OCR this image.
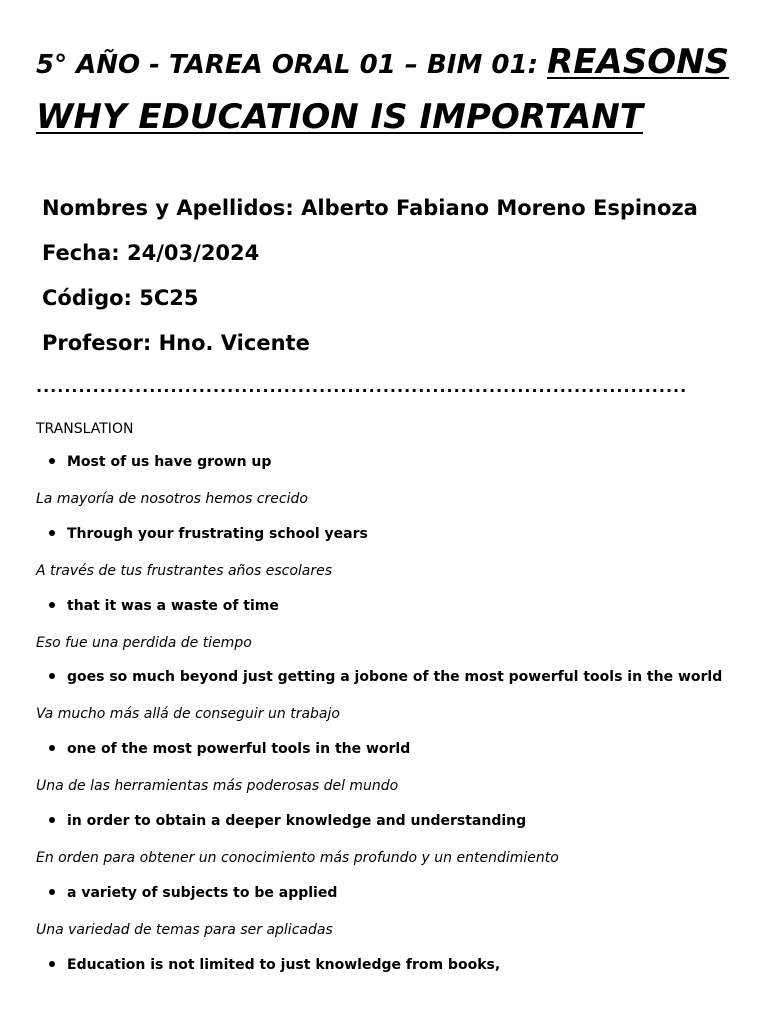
5° AÑO - TAREA ORAL 01 – BIM 01: REASONS WHY EDUCATION IS IMPORTANT
Nombres y Apellidos: Alberto Fabiano Moreno Espinoza
Fecha: 24/03/2024
Código: 5C25
Profesor: Hno. Vicente
............................................................................................
TRANSLATION
Most of us have grown up
La mayoría de nosotros hemos crecido
Through your frustrating school years
A través de tus frustrantes años escolares
that it was a waste of time
Eso fue una perdida de tiempo
goes so much beyond just getting a jobone of the most powerful tools in the world
Va mucho más allá de conseguir un trabajo
one of the most powerful tools in the world
Una de las herramientas más poderosas del mundo
in order to obtain a deeper knowledge and understanding
En orden para obtener un conocimiento más profundo y un entendimiento
a variety of subjects to be applied
Una variedad de temas para ser aplicadas
Education is not limited to just knowledge from books,
